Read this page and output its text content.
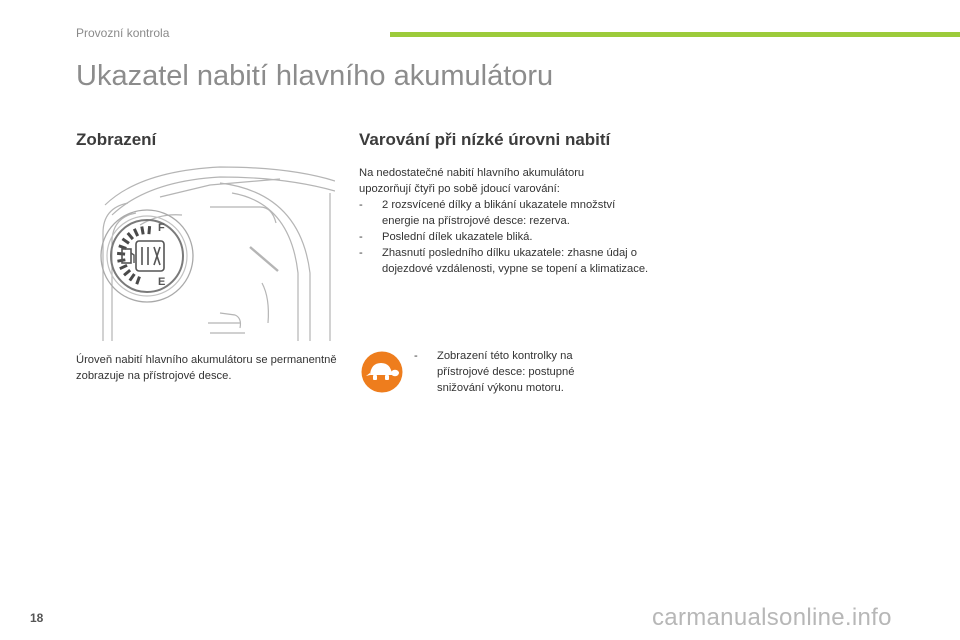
Provozní kontrola
Ukazatel nabití hlavního akumulátoru
Zobrazení	Varování při nízké úrovni nabití
F
E
Úroveň nabití hlavního akumulátoru se permanentně zobrazuje na přístrojové desce.
Na nedostatečné nabití hlavního akumulátoru upozorňují čtyři po sobě jdoucí varování:
- 2 rozsvícené dílky a blikání ukazatele množství energie na přístrojové desce: rezerva.
- Poslední dílek ukazatele bliká.
- Zhasnutí posledního dílku ukazatele: zhasne údaj o dojezdové vzdálenosti, vypne se topení a klimatizace.
- Zobrazení této kontrolky na přístrojové desce: postupné snižování výkonu motoru.
18	carmanualsonline.info
